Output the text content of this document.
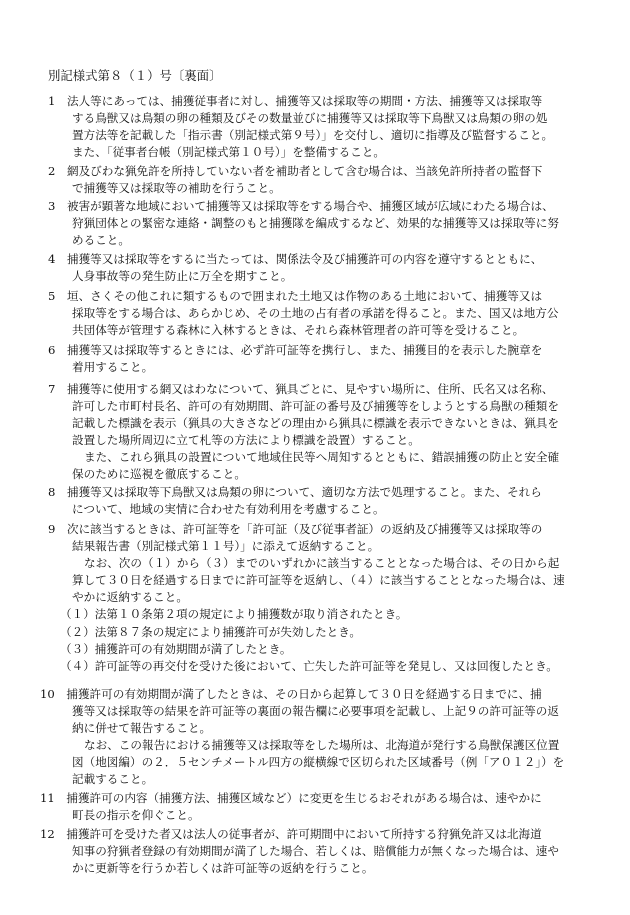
別記様式第８（１）号〔裏面〕
1　法人等にあっては、捕獲従事者に対し、捕獲等又は採取等の期間・方法、捕獲等又は採取等
する鳥獣又は鳥類の卵の種類及びその数量並びに捕獲等又は採取等下鳥獣又は鳥類の卵の処
置方法等を記載した「指示書（別記様式第９号）」を交付し、適切に指導及び監督すること。
また、「従事者台帳（別記様式第１０号）」を整備すること。
2　網及びわな猟免許を所持していない者を補助者として含む場合は、当該免許所持者の監督下
で捕獲等又は採取等の補助を行うこと。
3　被害が顕著な地域において捕獲等又は採取等をする場合や、捕獲区域が広域にわたる場合は、
狩猟団体との緊密な連絡・調整のもと捕獲隊を編成するなど、効果的な捕獲等又は採取等に努
めること。
4　捕獲等又は採取等をするに当たっては、関係法令及び捕獲許可の内容を遵守するとともに、
人身事故等の発生防止に万全を期すこと。
5　垣、さくその他これに類するもので囲まれた土地又は作物のある土地において、捕獲等又は
採取等をする場合は、あらかじめ、その土地の占有者の承諾を得ること。また、国又は地方公
共団体等が管理する森林に入林するときは、それら森林管理者の許可等を受けること。
6　捕獲等又は採取等するときには、必ず許可証等を携行し、また、捕獲目的を表示した腕章を
着用すること。
7　捕獲等に使用する網又はわなについて、猟具ごとに、見やすい場所に、住所、氏名又は名称、
許可した市町村長名、許可の有効期間、許可証の番号及び捕獲等をしようとする鳥獣の種類を
記載した標識を表示（猟具の大きさなどの理由から猟具に標識を表示できないときは、猟具を
設置した場所周辺に立て札等の方法により標識を設置）すること。
また、これら猟具の設置について地域住民等へ周知するとともに、錯誤捕獲の防止と安全確
保のために巡視を徹底すること。
8　捕獲等又は採取等下鳥獣又は鳥類の卵について、適切な方法で処理すること。また、それら
について、地域の実情に合わせた有効利用を考慮すること。
9　次に該当するときは、許可証等を「許可証（及び従事者証）の返納及び捕獲等又は採取等の
結果報告書（別記様式第１１号）」に添えて返納すること。
なお、次の（１）から（３）までのいずれかに該当することとなった場合は、その日から起
算して３０日を経過する日までに許可証等を返納し、（４）に該当することとなった場合は、速
やかに返納すること。
（１）法第１０条第２項の規定により捕獲数が取り消されたとき。
（２）法第８７条の規定により捕獲許可が失効したとき。
（３）捕獲許可の有効期間が満了したとき。
（４）許可証等の再交付を受けた後において、亡失した許可証等を発見し、又は回復したとき。
10　捕獲許可の有効期間が満了したときは、その日から起算して３０日を経過する日までに、捕
獲等又は採取等の結果を許可証等の裏面の報告欄に必要事項を記載し、上記９の許可証等の返
納に併せて報告すること。
なお、この報告における捕獲等又は採取等をした場所は、北海道が発行する鳥獣保護区位置
図（地図編）の２．５センチメートル四方の縦横線で区切られた区域番号（例「ア０１２」）を
記載すること。
11　捕獲許可の内容（捕獲方法、捕獲区域など）に変更を生じるおそれがある場合は、速やかに
町長の指示を仰ぐこと。
12　捕獲許可を受けた者又は法人の従事者が、許可期間中において所持する狩猟免許又は北海道
知事の狩猟者登録の有効期間が満了した場合、若しくは、賠償能力が無くなった場合は、速や
かに更新等を行うか若しくは許可証等の返納を行うこと。
